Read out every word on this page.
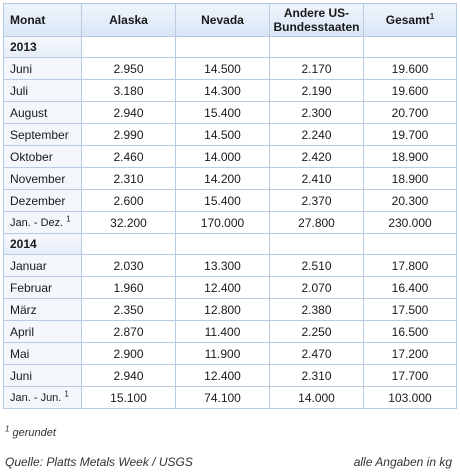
Monat	Alaska	Nevada	Andere US-
Bundesstaaten	Gesamt$^1$
2013				
Juni	2.950	14.500	2.170	19.600
Juli	3.180	14.300	2.190	19.600
August	2.940	15.400	2.300	20.700
September	2.990	14.500	2.240	19.700
Oktober	2.460	14.000	2.420	18.900
November	2.310	14.200	2.410	18.900
Dezember	2.600	15.400	2.370	20.300
Jan. - Dez. $^1$	32.200	170.000	27.800	230.000
2014				
Januar	2.030	13.300	2.510	17.800
Februar	1.960	12.400	2.070	16.400
März	2.350	12.800	2.380	17.500
April	2.870	11.400	2.250	16.500
Mai	2.900	11.900	2.470	17.200
Juni	2.940	12.400	2.310	17.700
Jan. - Jun. $^1$	15.100	74.100	14.000	103.000
$^1$ gerundet
Quelle: Platts Metals Week / USGS	alle Angaben in kg
